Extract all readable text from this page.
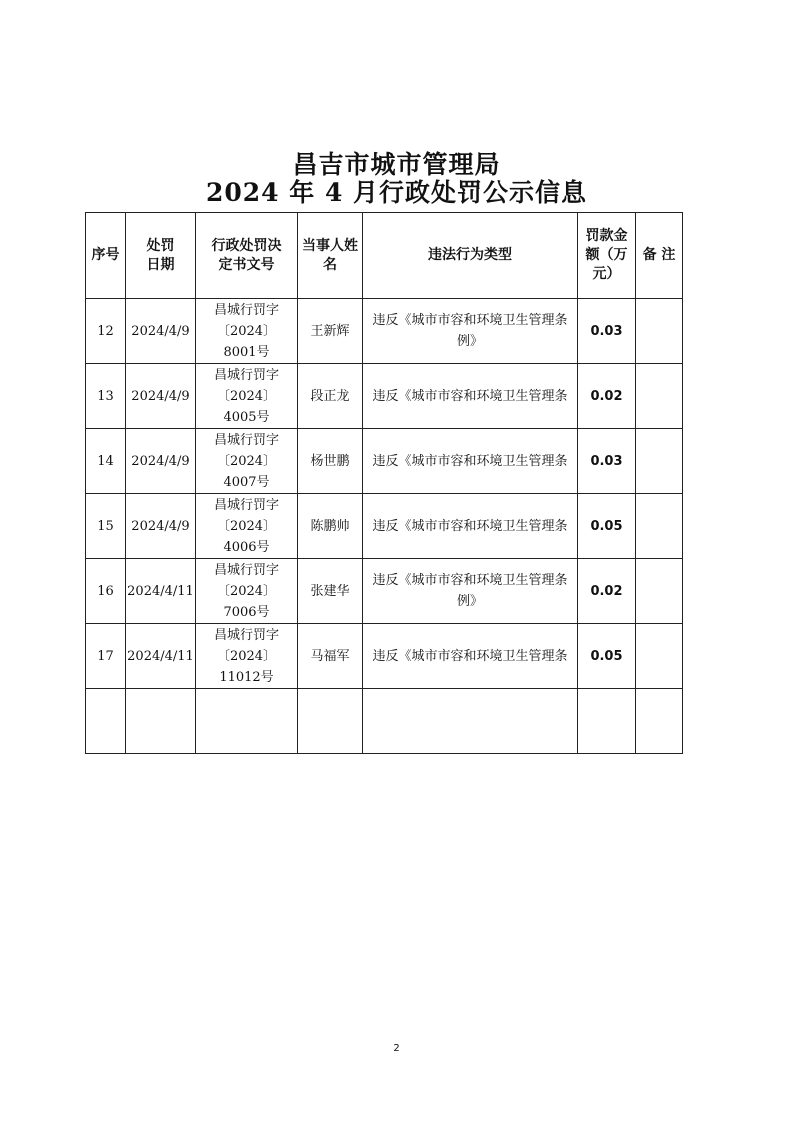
昌吉市城市管理局
2024 年 4 月行政处罚公示信息
序号	处罚日期	行政处罚决定书文号	当事人姓名	违法行为类型	罚款金额（万元）	备 注
12	2024/4/9	昌城行罚字〔2024〕8001号	王新辉	违反《城市市容和环境卫生管理条例》	0.03	
13	2024/4/9	昌城行罚字〔2024〕4005号	段正龙	违反《城市市容和环境卫生管理条	0.02	
14	2024/4/9	昌城行罚字〔2024〕4007号	杨世鹏	违反《城市市容和环境卫生管理条	0.03	
15	2024/4/9	昌城行罚字〔2024〕4006号	陈鹏帅	违反《城市市容和环境卫生管理条	0.05	
16	2024/4/11	昌城行罚字〔2024〕7006号	张建华	违反《城市市容和环境卫生管理条例》	0.02	
17	2024/4/11	昌城行罚字〔2024〕11012号	马福军	违反《城市市容和环境卫生管理条	0.05	

2
